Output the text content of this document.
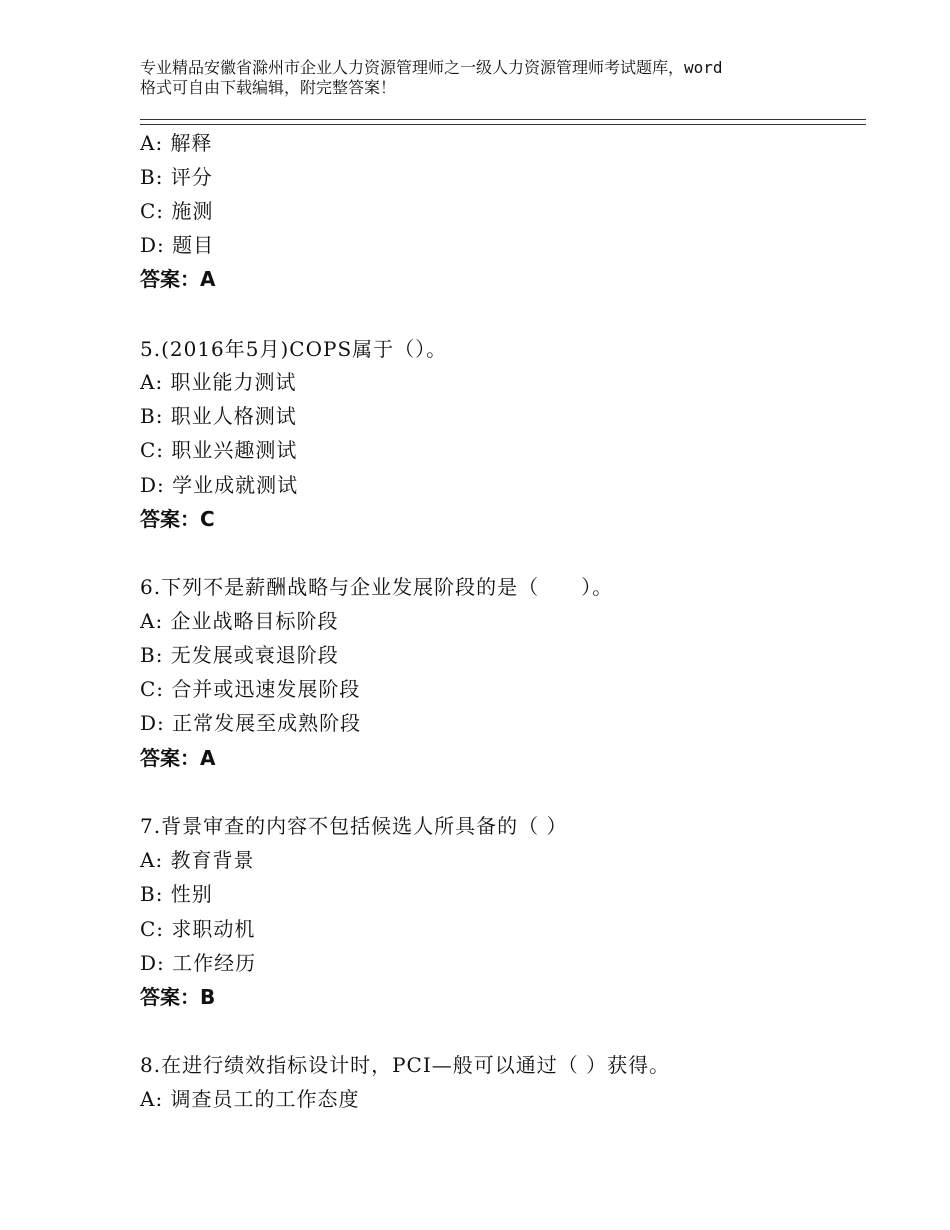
专业精品安徽省滁州市企业人力资源管理师之一级人力资源管理师考试题库，word
格式可自由下载编辑，附完整答案！
A: 解释
B: 评分
C: 施测
D: 题目
答案：A
5.(2016年5月)COPS属于（）。
A: 职业能力测试
B: 职业人格测试
C: 职业兴趣测试
D: 学业成就测试
答案：C
6.下列不是薪酬战略与企业发展阶段的是（　　）。
A: 企业战略目标阶段
B: 无发展或衰退阶段
C: 合并或迅速发展阶段
D: 正常发展至成熟阶段
答案：A
7.背景审查的内容不包括候选人所具备的（ ）
A: 教育背景
B: 性别
C: 求职动机
D: 工作经历
答案：B
8.在进行绩效指标设计时，PCI—般可以通过（ ）获得。
A: 调查员工的工作态度
